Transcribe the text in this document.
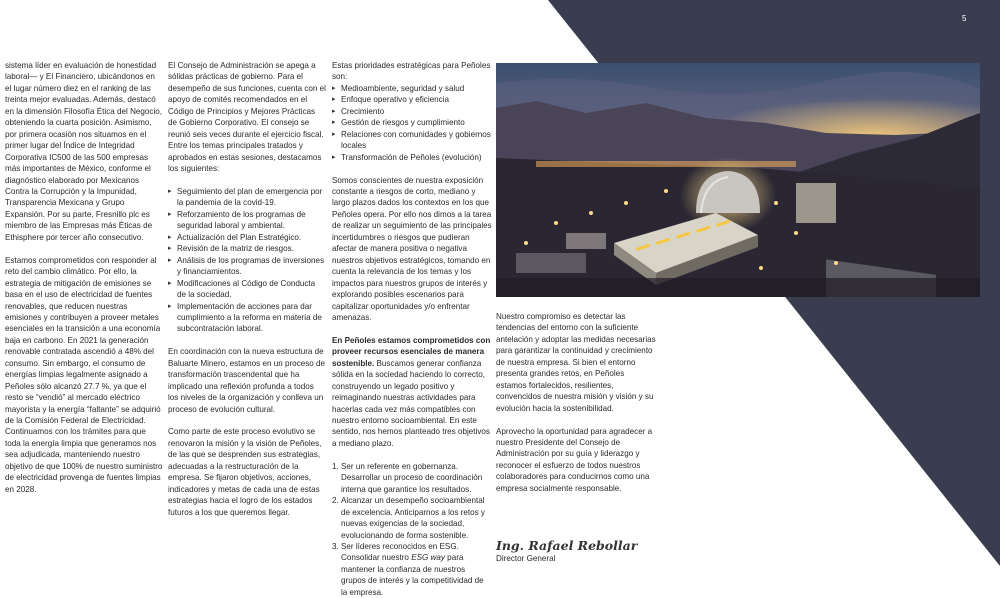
5

sistema líder en evaluación de honestidad laboral— y El Financiero, ubicándonos en el lugar número diez en el ranking de las treinta mejor evaluadas. Además, destacó en la dimensión Filosofía Ética del Negocio, obteniendo la cuarta posición. Asimismo, por primera ocasión nos situamos en el primer lugar del Índice de Integridad Corporativa IC500 de las 500 empresas más importantes de México, conforme el diagnóstico elaborado por Mexicanos Contra la Corrupción y la Impunidad, Transparencia Mexicana y Grupo Expansión. Por su parte, Fresnillo plc es miembro de las Empresas más Éticas de Ethisphere por tercer año consecutivo.

Estamos comprometidos con responder al reto del cambio climático. Por ello, la estrategia de mitigación de emisiones se basa en el uso de electricidad de fuentes renovables, que reducen nuestras emisiones y contribuyen a proveer metales esenciales en la transición a una economía baja en carbono. En 2021 la generación renovable contratada ascendió a 48% del consumo. Sin embargo, el consumo de energías limpias legalmente asignado a Peñoles sólo alcanzó 27.7 %, ya que el resto se “vendió” al mercado eléctrico mayorista y la energía “faltante” se adquirió de la Comisión Federal de Electricidad. Continuamos con los trámites para que toda la energía limpia que generamos nos sea adjudicada, manteniendo nuestro objetivo de que 100% de nuestro suministro de electricidad provenga de fuentes limpias en 2028.

El Consejo de Administración se apega a sólidas prácticas de gobierno. Para el desempeño de sus funciones, cuenta con el apoyo de comités recomendados en el Código de Principios y Mejores Prácticas de Gobierno Corporativo. El consejo se reunió seis veces durante el ejercicio fiscal. Entre los temas principales tratados y aprobados en estas sesiones, destacamos los siguientes:

▸ Seguimiento del plan de emergencia por la pandemia de la covid-19.
▸ Reforzamiento de los programas de seguridad laboral y ambiental.
▸ Actualización del Plan Estratégico.
▸ Revisión de la matriz de riesgos.
▸ Análisis de los programas de inversiones y financiamientos.
▸ Modificaciones al Código de Conducta de la sociedad.
▸ Implementación de acciones para dar cumplimiento a la reforma en materia de subcontratación laboral.

En coordinación con la nueva estructura de Baluarte Minero, estamos en un proceso de transformación trascendental que ha implicado una reflexión profunda a todos los niveles de la organización y conlleva un proceso de evolución cultural.

Como parte de este proceso evolutivo se renovaron la misión y la visión de Peñoles, de las que se desprenden sus estrategias, adecuadas a la restructuración de la empresa. Se fijaron objetivos, acciones, indicadores y metas de cada una de estas estrategias hacia el logro de los estados futuros a los que queremos llegar.

Estas prioridades estratégicas para Peñoles son:
▸ Medioambiente, seguridad y salud
▸ Enfoque operativo y eficiencia
▸ Crecimiento
▸ Gestión de riesgos y cumplimiento
▸ Relaciones con comunidades y gobiernos locales
▸ Transformación de Peñoles (evolución)

Somos conscientes de nuestra exposición constante a riesgos de corto, mediano y largo plazos dados los contextos en los que Peñoles opera. Por ello nos dimos a la tarea de realizar un seguimiento de las principales incertidumbres o riesgos que pudieran afectar de manera positiva o negativa nuestros objetivos estratégicos, tomando en cuenta la relevancia de los temas y los impactos para nuestros grupos de interés y explorando posibles escenarios para capitalizar oportunidades y/o enfrentar amenazas.

En Peñoles estamos comprometidos con proveer recursos esenciales de manera sostenible. Buscamos generar confianza sólida en la sociedad haciendo lo correcto, construyendo un legado positivo y reimaginando nuestras actividades para hacerlas cada vez más compatibles con nuestro entorno socioambiental. En este sentido, nos hemos planteado tres objetivos a mediano plazo.

1. Ser un referente en gobernanza. Desarrollar un proceso de coordinación interna que garantice los resultados.
2. Alcanzar un desempeño socioambiental de excelencia. Anticiparnos a los retos y nuevas exigencias de la sociedad, evolucionando de forma sostenible.
3. Ser líderes reconocidos en ESG. Consolidar nuestro ESG way para mantener la confianza de nuestros grupos de interés y la competitividad de la empresa.

Nuestro compromiso es detectar las tendencias del entorno con la suficiente antelación y adoptar las medidas necesarias para garantizar la continuidad y crecimiento de nuestra empresa. Si bien el entorno presenta grandes retos, en Peñoles estamos fortalecidos, resilientes, convencidos de nuestra misión y visión y su evolución hacia la sostenibilidad.

Aprovecho la oportunidad para agradecer a nuestro Presidente del Consejo de Administración por su guía y liderazgo y reconocer el esfuerzo de todos nuestros colaboradores para conducirnos como una empresa socialmente responsable.

Ing. Rafael Rebollar
Director General
